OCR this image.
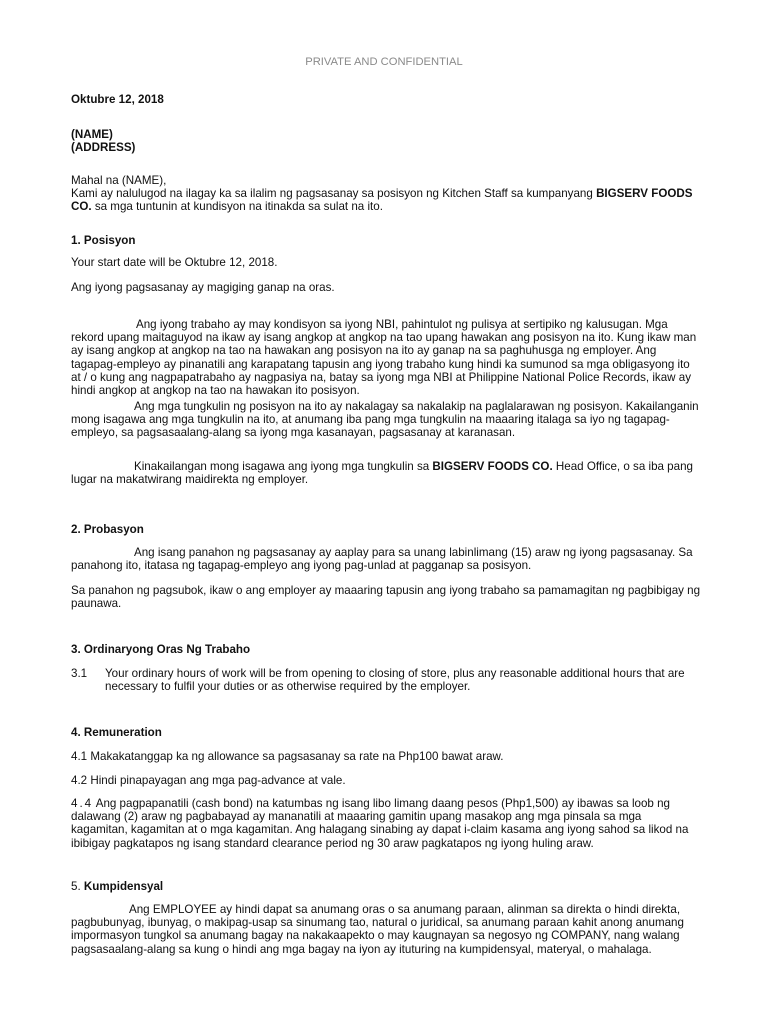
PRIVATE AND CONFIDENTIAL

Oktubre 12, 2018

(NAME)
(ADDRESS)

Mahal na (NAME),
Kami ay nalulugod na ilagay ka sa ilalim ng pagsasanay sa posisyon ng Kitchen Staff sa kumpanyang BIGSERV FOODS CO. sa mga tuntunin at kundisyon na itinakda sa sulat na ito.

1. Posisyon

Your start date will be Oktubre 12, 2018.

Ang iyong pagsasanay ay magiging ganap na oras.

Ang iyong trabaho ay may kondisyon sa iyong NBI, pahintulot ng pulisya at sertipiko ng kalusugan. Mga rekord upang maitaguyod na ikaw ay isang angkop at angkop na tao upang hawakan ang posisyon na ito. Kung ikaw man ay isang angkop at angkop na tao na hawakan ang posisyon na ito ay ganap na sa paghuhusga ng employer. Ang tagapag-empleyo ay pinanatili ang karapatang tapusin ang iyong trabaho kung hindi ka sumunod sa mga obligasyong ito at / o kung ang nagpapatrabaho ay nagpasiya na, batay sa iyong mga NBI at Philippine National Police Records, ikaw ay hindi angkop at angkop na tao na hawakan ito posisyon.

Ang mga tungkulin ng posisyon na ito ay nakalagay sa nakalakip na paglalarawan ng posisyon. Kakailanganin mong isagawa ang mga tungkulin na ito, at anumang iba pang mga tungkulin na maaaring italaga sa iyo ng tagapag-empleyo, sa pagsasaalang-alang sa iyong mga kasanayan, pagsasanay at karanasan.

Kinakailangan mong isagawa ang iyong mga tungkulin sa BIGSERV FOODS CO. Head Office, o sa iba pang lugar na makatwirang maidirekta ng employer.

2. Probasyon

Ang isang panahon ng pagsasanay ay aaplay para sa unang labinlimang (15) araw ng iyong pagsasanay. Sa panahong ito, itatasa ng tagapag-empleyo ang iyong pag-unlad at pagganap sa posisyon.

Sa panahon ng pagsubok, ikaw o ang employer ay maaaring tapusin ang iyong trabaho sa pamamagitan ng pagbibigay ng paunawa.

3. Ordinaryong Oras Ng Trabaho

3.1 Your ordinary hours of work will be from opening to closing of store, plus any reasonable additional hours that are necessary to fulfil your duties or as otherwise required by the employer.

4. Remuneration

4.1 Makakatanggap ka ng allowance sa pagsasanay sa rate na Php100 bawat araw.

4.2 Hindi pinapayagan ang mga pag-advance at vale.

4.4 Ang pagpapanatili (cash bond) na katumbas ng isang libo limang daang pesos (Php1,500) ay ibawas sa loob ng dalawang (2) araw ng pagbabayad ay mananatili at maaaring gamitin upang masakop ang mga pinsala sa mga kagamitan, kagamitan at o mga kagamitan. Ang halagang sinabing ay dapat i-claim kasama ang iyong sahod sa likod na ibibigay pagkatapos ng isang standard clearance period ng 30 araw pagkatapos ng iyong huling araw.

5. Kumpidensyal

Ang EMPLOYEE ay hindi dapat sa anumang oras o sa anumang paraan, alinman sa direkta o hindi direkta, pagbubunyag, ibunyag, o makipag-usap sa sinumang tao, natural o juridical, sa anumang paraan kahit anong anumang impormasyon tungkol sa anumang bagay na nakakaapekto o may kaugnayan sa negosyo ng COMPANY, nang walang pagsasaalang-alang sa kung o hindi ang mga bagay na iyon ay ituturing na kumpidensyal, materyal, o mahalaga.
